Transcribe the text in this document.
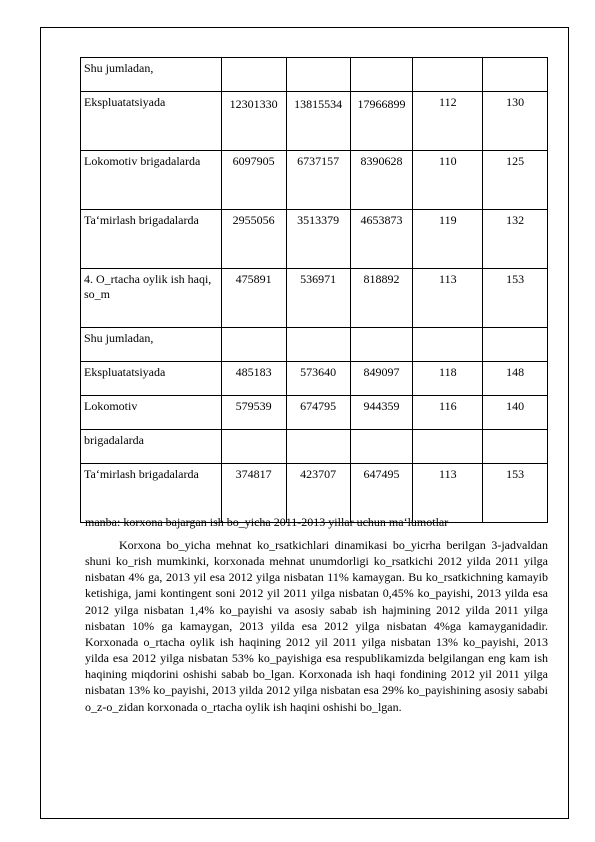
Shu jumladan,					
Ekspluatatsiyada	12301330	13815534	17966899	112	130
Lokomotiv brigadalarda	6097905	6737157	8390628	110	125
Ta‘mirlash brigadalarda	2955056	3513379	4653873	119	132
4. O_rtacha oylik ish haqi, so_m	475891	536971	818892	113	153
Shu jumladan,					
Ekspluatatsiyada	485183	573640	849097	118	148
Lokomotiv	579539	674795	944359	116	140
brigadalarda					
Ta‘mirlash brigadalarda	374817	423707	647495	113	153
manba: korxona bajargan ish bo_yicha 2011-2013 yillar uchun ma‘lumotlar
Korxona bo_yicha mehnat ko_rsatkichlari dinamikasi bo_yicrha berilgan 3-jadvaldan shuni ko_rish mumkinki, korxonada mehnat unumdorligi ko_rsatkichi 2012 yilda 2011 yilga nisbatan 4% ga, 2013 yil esa 2012 yilga nisbatan 11% kamaygan. Bu ko_rsatkichning kamayib ketishiga, jami kontingent soni 2012 yil 2011 yilga nisbatan 0,45% ko_payishi, 2013 yilda esa 2012 yilga nisbatan 1,4% ko_payishi va asosiy sabab ish hajmining 2012 yilda 2011 yilga nisbatan 10% ga kamaygan, 2013 yilda esa 2012 yilga nisbatan 4%ga kamayganidadir. Korxonada o_rtacha oylik ish haqining 2012 yil 2011 yilga nisbatan 13% ko_payishi, 2013 yilda esa 2012 yilga nisbatan 53% ko_payishiga esa respublikamizda belgilangan eng kam ish haqining miqdorini oshishi sabab bo_lgan. Korxonada ish haqi fondining 2012 yil 2011 yilga nisbatan 13% ko_payishi, 2013 yilda 2012 yilga nisbatan esa 29% ko_payishining asosiy sababi o_z-o_zidan korxonada o_rtacha oylik ish haqini oshishi bo_lgan.
